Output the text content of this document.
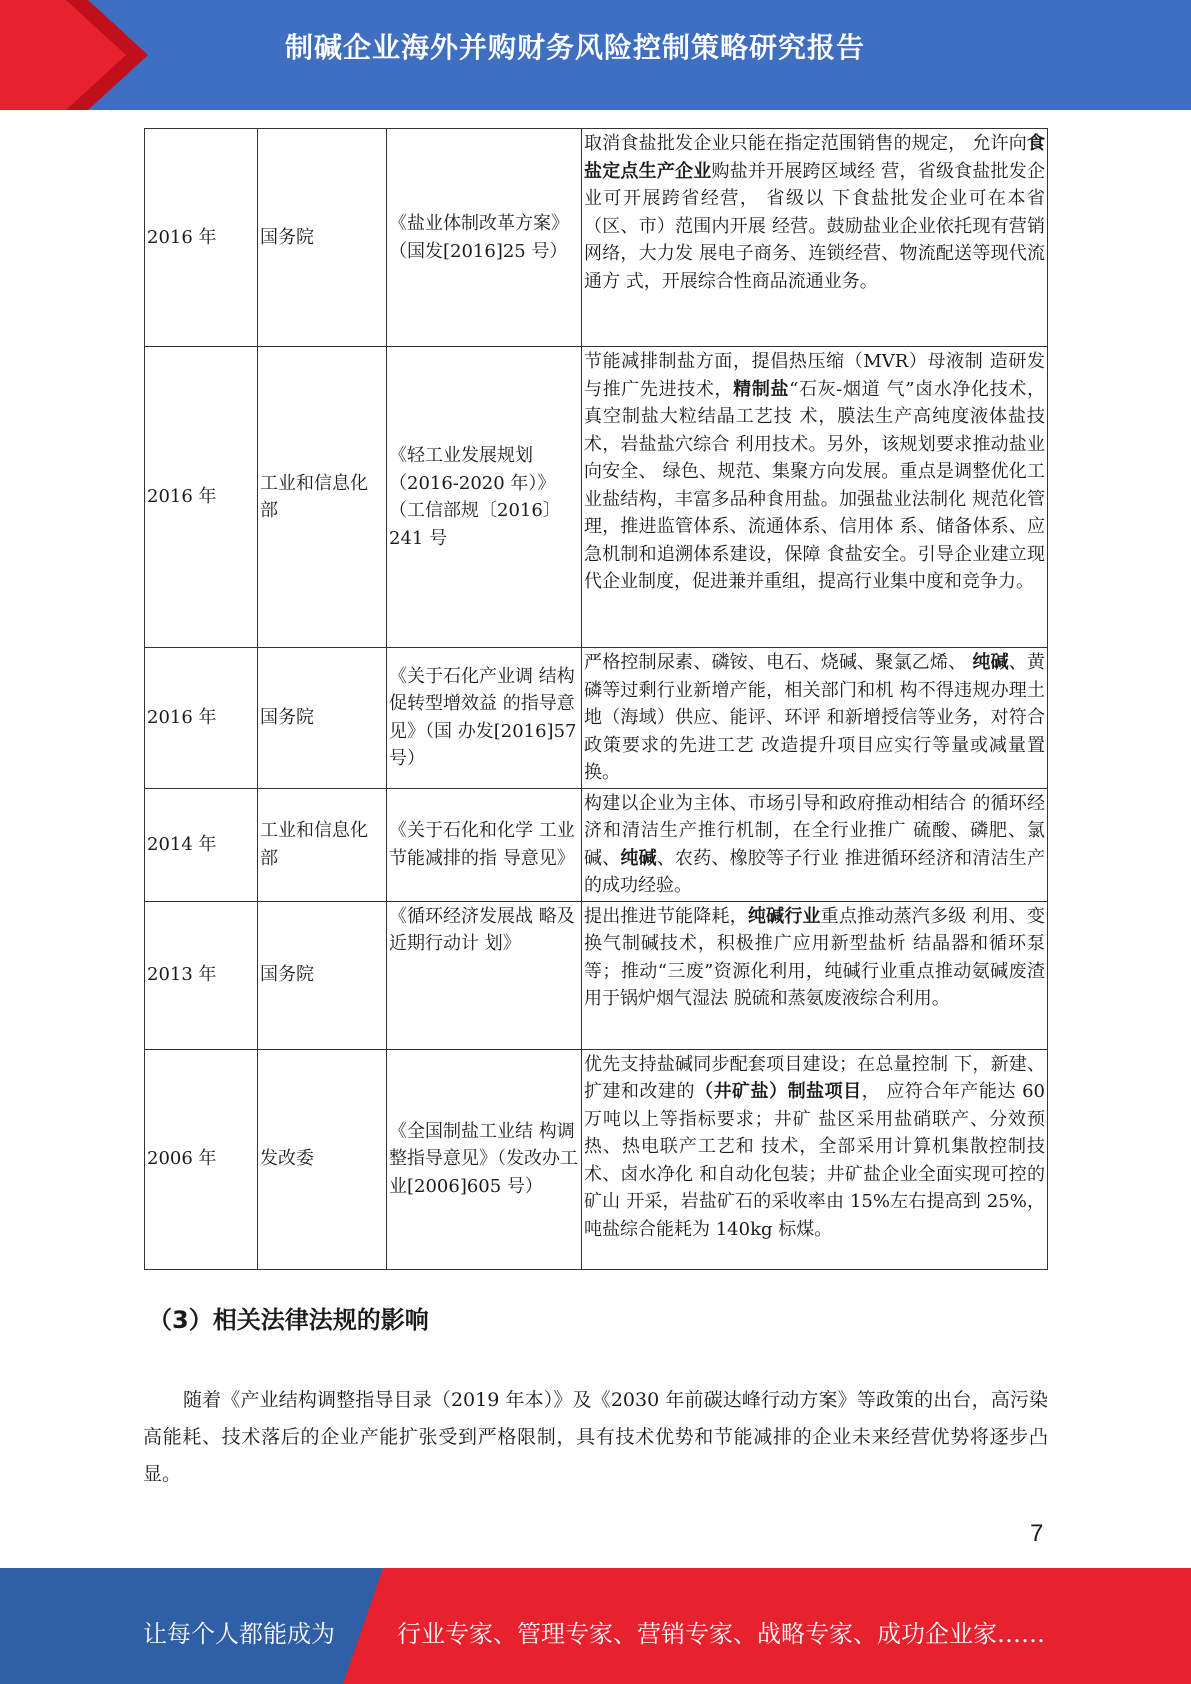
制碱企业海外并购财务风险控制策略研究报告
2016 年	国务院	《盐业体制改革方案》（国发[2016]25 号）	取消食盐批发企业只能在指定范围销售的规定， 允许向食盐定点生产企业购盐并开展跨区域经 营，省级食盐批发企业可开展跨省经营， 省级以 下食盐批发企业可在本省（区、市）范围内开展 经营。鼓励盐业企业依托现有营销网络，大力发 展电子商务、连锁经营、物流配送等现代流通方 式，开展综合性商品流通业务。
2016 年	工业和信息化部	《轻工业发展规划（2016-2020 年）》（工信部规〔2016〕241 号	节能减排制盐方面，提倡热压缩（MVR）母液制 造研发与推广先进技术，精制盐“石灰-烟道 气”卤水净化技术，真空制盐大粒结晶工艺技 术，膜法生产高纯度液体盐技术，岩盐盐穴综合 利用技术。另外，该规划要求推动盐业向安全、 绿色、规范、集聚方向发展。重点是调整优化工 业盐结构，丰富多品种食用盐。加强盐业法制化 规范化管理，推进监管体系、流通体系、信用体 系、储备体系、应急机制和追溯体系建设，保障 食盐安全。引导企业建立现代企业制度，促进兼并重组，提高行业集中度和竞争力。
2016 年	国务院	《关于石化产业调 结构促转型增效益 的指导意见》（国 办发[2016]57 号）	严格控制尿素、磷铵、电石、烧碱、聚氯乙烯、 纯碱、黄磷等过剩行业新增产能，相关部门和机 构不得违规办理土地（海域）供应、能评、环评 和新增授信等业务，对符合政策要求的先进工艺 改造提升项目应实行等量或减量置换。
2014 年	工业和信息化部	《关于石化和化学 工业节能减排的指 导意见》	构建以企业为主体、市场引导和政府推动相结合 的循环经济和清洁生产推行机制，在全行业推广 硫酸、磷肥、氯碱、纯碱、农药、橡胶等子行业 推进循环经济和清洁生产的成功经验。
2013 年	国务院	《循环经济发展战 略及近期行动计 划》	提出推进节能降耗，纯碱行业重点推动蒸汽多级 利用、变换气制碱技术，积极推广应用新型盐析 结晶器和循环泵等；推动“三废”资源化利用，纯碱行业重点推动氨碱废渣用于锅炉烟气湿法 脱硫和蒸氨废液综合利用。
2006 年	发改委	《全国制盐工业结 构调整指导意见》（发改办工业[2006]605 号）	优先支持盐碱同步配套项目建设；在总量控制 下，新建、扩建和改建的（井矿盐）制盐项目， 应符合年产能达 60 万吨以上等指标要求；井矿 盐区采用盐硝联产、分效预热、热电联产工艺和 技术，全部采用计算机集散控制技术、卤水净化 和自动化包装；井矿盐企业全面实现可控的矿山 开采，岩盐矿石的采收率由 15%左右提高到 25%，吨盐综合能耗为 140kg 标煤。
（3）相关法律法规的影响
随着《产业结构调整指导目录（2019 年本）》及《2030 年前碳达峰行动方案》等政策的出台，高污染高能耗、技术落后的企业产能扩张受到严格限制，具有技术优势和节能减排的企业未来经营优势将逐步凸显。
7
让每个人都能成为	行业专家、管理专家、营销专家、战略专家、成功企业家……
